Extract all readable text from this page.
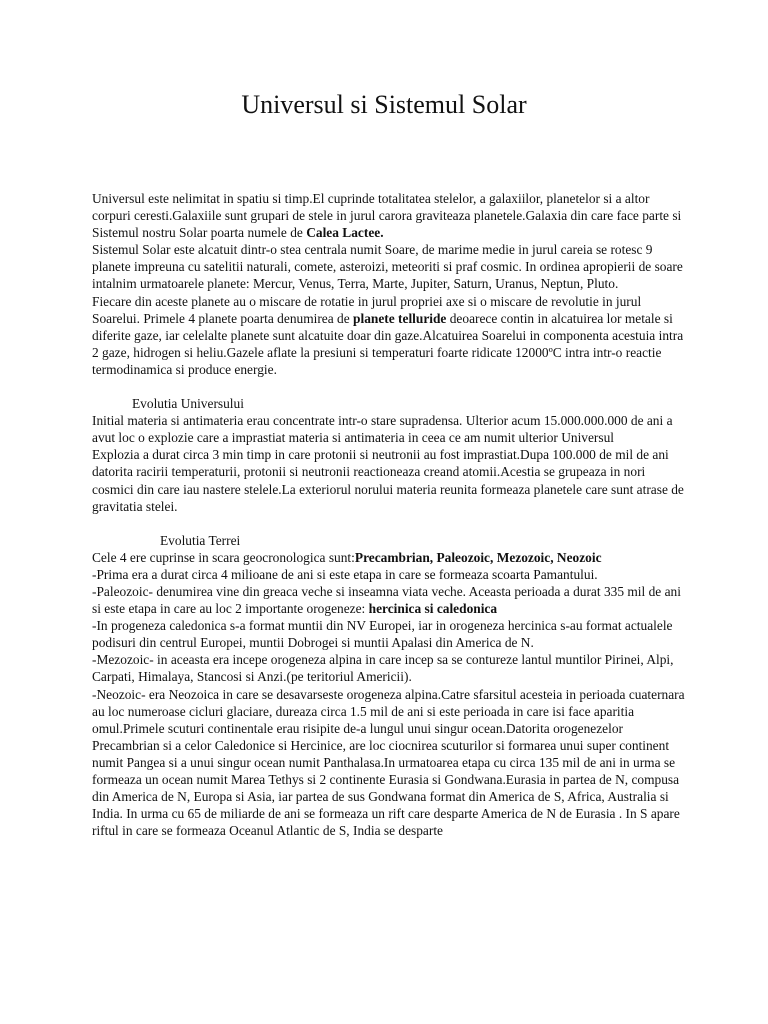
Universul si Sistemul Solar

Universul este nelimitat in spatiu si timp.El cuprinde totalitatea stelelor, a galaxiilor, planetelor si a altor corpuri ceresti.Galaxiile sunt grupari de stele in jurul carora graviteaza planetele.Galaxia din care face parte si Sistemul nostru Solar poarta numele de Calea Lactee.

Sistemul Solar este alcatuit dintr-o stea centrala numit Soare, de marime medie in jurul careia se rotesc 9 planete impreuna cu satelitii naturali, comete, asteroizi, meteoriti si praf cosmic. In ordinea apropierii de soare intalnim urmatoarele planete: Mercur, Venus, Terra, Marte, Jupiter, Saturn, Uranus, Neptun, Pluto.

Fiecare din aceste planete au o miscare de rotatie in jurul propriei axe si o miscare de revolutie in jurul Soarelui. Primele 4 planete poarta denumirea de planete telluride deoarece contin in alcatuirea lor metale si diferite gaze, iar celelalte planete sunt alcatuite doar din gaze.Alcatuirea Soarelui in componenta acestuia intra 2 gaze, hidrogen si heliu.Gazele aflate la presiuni si temperaturi foarte ridicate 12000ºC intra intr-o reactie termodinamica si produce energie.

Evolutia Universului

Initial materia si antimateria erau concentrate intr-o stare supradensa. Ulterior acum 15.000.000.000 de ani a avut loc o explozie care a imprastiat materia si antimateria in ceea ce am numit ulterior Universul

Explozia a durat circa 3 min timp in care protonii si neutronii au fost imprastiat.Dupa 100.000 de mil de ani datorita racirii temperaturii, protonii si neutronii reactioneaza creand atomii.Acestia se grupeaza in nori cosmici din care iau nastere stelele.La exteriorul norului materia reunita formeaza planetele care sunt atrase de gravitatia stelei.

Evolutia Terrei

Cele 4 ere cuprinse in scara geocronologica sunt:Precambrian, Paleozoic, Mezozoic, Neozoic

-Prima era a durat circa 4 milioane de ani si este etapa in care se formeaza scoarta Pamantului.

-Paleozoic- denumirea vine din greaca veche si inseamna viata veche. Aceasta perioada a durat 335 mil de ani si este etapa in care au loc 2 importante orogeneze: hercinica si caledonica

-In progeneza caledonica s-a format muntii din NV Europei, iar in orogeneza hercinica s-au format actualele podisuri din centrul Europei, muntii Dobrogei si muntii Apalasi din America de N.

-Mezozoic- in aceasta era incepe orogeneza alpina in care incep sa se contureze lantul muntilor Pirinei, Alpi, Carpati, Himalaya, Stancosi si Anzi.(pe teritoriul Americii).

-Neozoic- era Neozoica in care se desavarseste orogeneza alpina.Catre sfarsitul acesteia in perioada cuaternara au loc numeroase cicluri glaciare, dureaza circa 1.5 mil de ani si este perioada in care isi face aparitia omul.Primele scuturi continentale erau risipite de-a lungul unui singur ocean.Datorita orogenezelor Precambrian si a celor Caledonice si Hercinice, are loc ciocnirea scuturilor si formarea unui super continent numit Pangea si a unui singur ocean numit Panthalasa.In urmatoarea etapa cu circa 135 mil de ani in urma se formeaza un ocean numit Marea Tethys si 2 continente Eurasia si Gondwana.Eurasia in partea de N, compusa din America de N, Europa si Asia, iar partea de sus Gondwana format din America de S, Africa, Australia si India. In urma cu 65 de miliarde de ani se formeaza un rift care desparte America de N de Eurasia . In S apare riftul in care se formeaza Oceanul Atlantic de S, India se desparte
